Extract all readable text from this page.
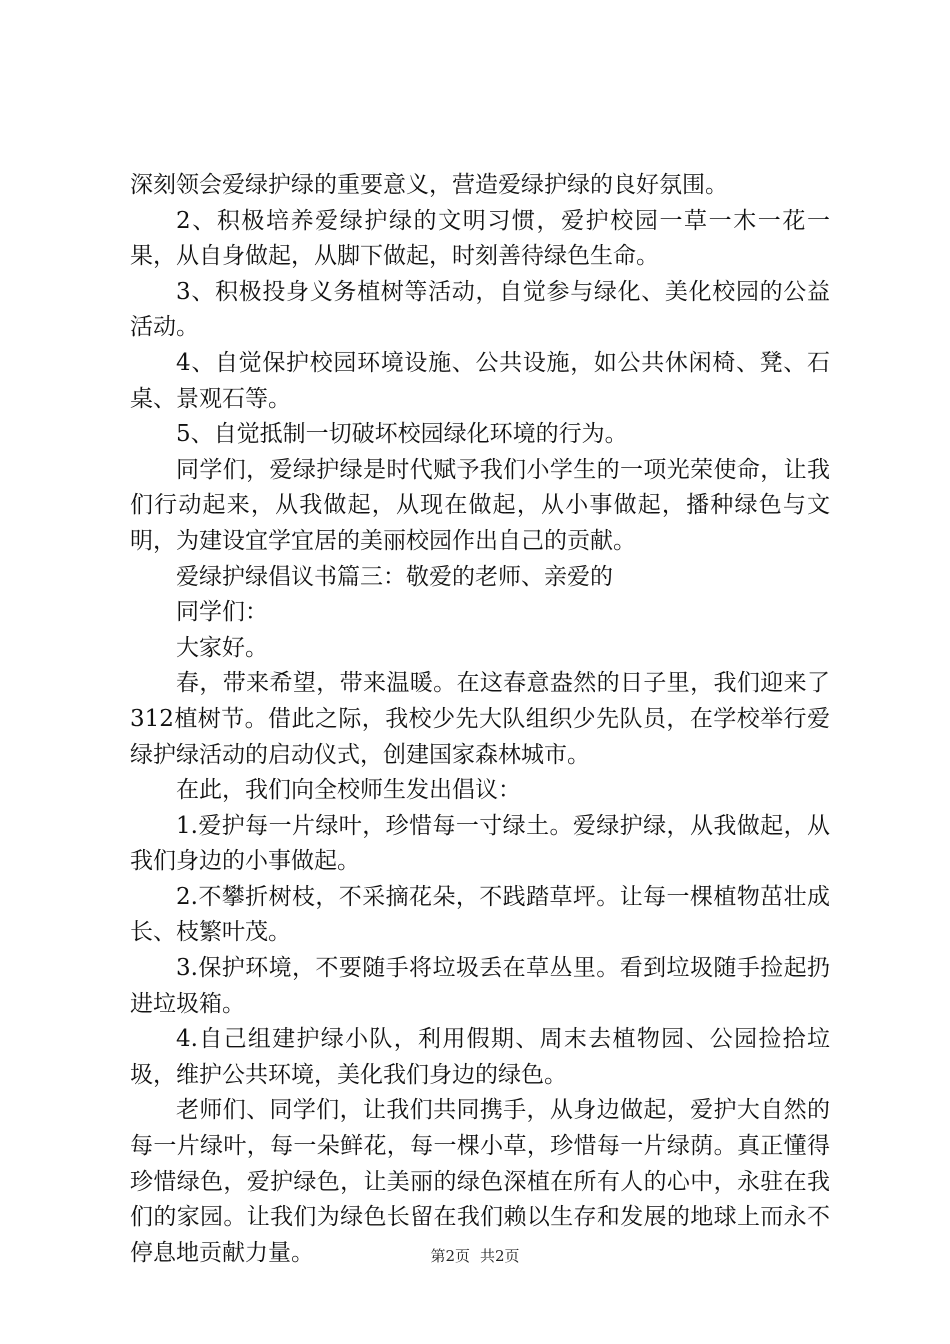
深刻领会爱绿护绿的重要意义，营造爱绿护绿的良好氛围。

2、积极培养爱绿护绿的文明习惯，爱护校园一草一木一花一果，从自身做起，从脚下做起，时刻善待绿色生命。

3、积极投身义务植树等活动，自觉参与绿化、美化校园的公益活动。

4、自觉保护校园环境设施、公共设施，如公共休闲椅、凳、石桌、景观石等。

5、自觉抵制一切破坏校园绿化环境的行为。

同学们，爱绿护绿是时代赋予我们小学生的一项光荣使命，让我们行动起来，从我做起，从现在做起，从小事做起，播种绿色与文明，为建设宜学宜居的美丽校园作出自己的贡献。

爱绿护绿倡议书篇三：敬爱的老师、亲爱的

同学们：

大家好。

春，带来希望，带来温暖。在这春意盎然的日子里，我们迎来了312植树节。借此之际，我校少先大队组织少先队员，在学校举行爱绿护绿活动的启动仪式，创建国家森林城市。

在此，我们向全校师生发出倡议：

1.爱护每一片绿叶，珍惜每一寸绿土。爱绿护绿，从我做起，从我们身边的小事做起。

2.不攀折树枝，不采摘花朵，不践踏草坪。让每一棵植物茁壮成长、枝繁叶茂。

3.保护环境，不要随手将垃圾丢在草丛里。看到垃圾随手捡起扔进垃圾箱。

4.自己组建护绿小队，利用假期、周末去植物园、公园捡拾垃圾，维护公共环境，美化我们身边的绿色。

老师们、同学们，让我们共同携手，从身边做起，爱护大自然的每一片绿叶，每一朵鲜花，每一棵小草，珍惜每一片绿荫。真正懂得珍惜绿色，爱护绿色，让美丽的绿色深植在所有人的心中，永驻在我们的家园。让我们为绿色长留在我们赖以生存和发展的地球上而永不停息地贡献力量。	第2页 共2页
